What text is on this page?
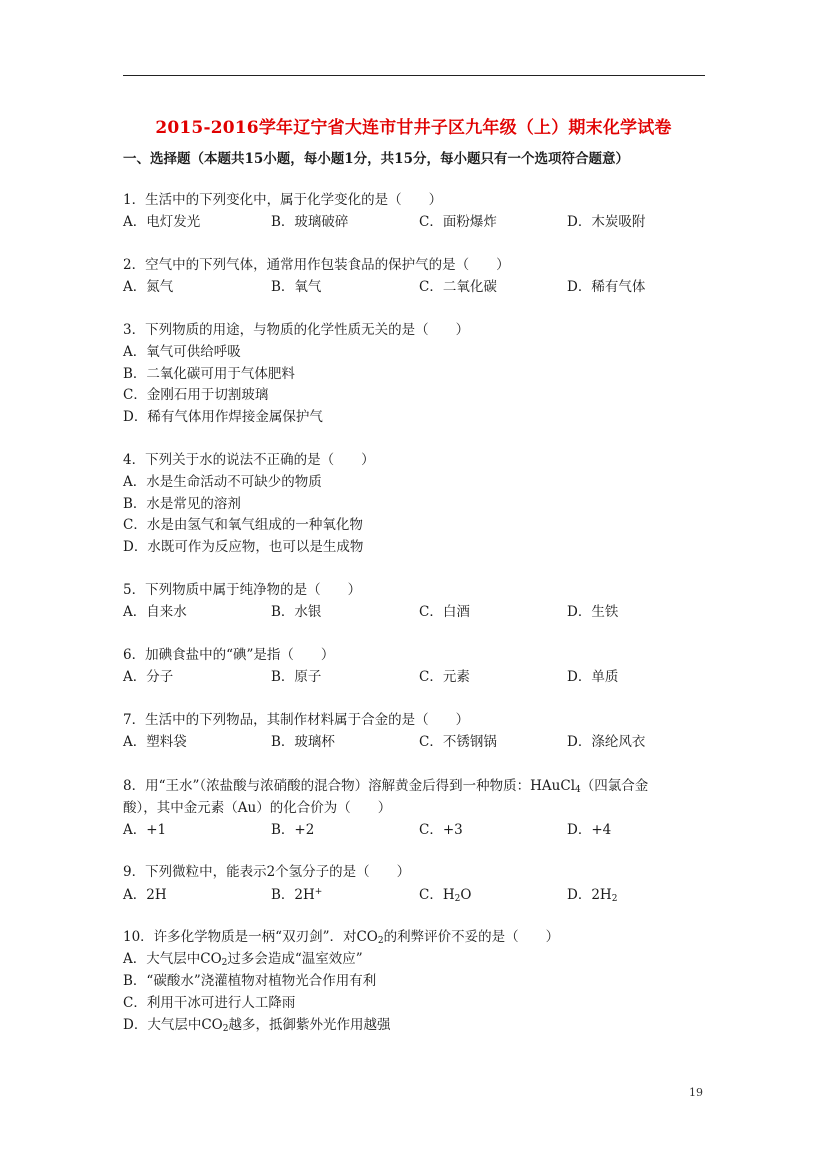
2015-2016学年辽宁省大连市甘井子区九年级（上）期末化学试卷
一、选择题（本题共15小题，每小题1分，共15分，每小题只有一个选项符合题意）
1．生活中的下列变化中，属于化学变化的是（　　）
A．电灯发光	B．玻璃破碎	C．面粉爆炸	D．木炭吸附
2．空气中的下列气体，通常用作包装食品的保护气的是（　　）
A．氮气	B．氧气	C．二氧化碳	D．稀有气体
3．下列物质的用途，与物质的化学性质无关的是（　　）
A．氧气可供给呼吸
B．二氧化碳可用于气体肥料
C．金刚石用于切割玻璃
D．稀有气体用作焊接金属保护气
4．下列关于水的说法不正确的是（　　）
A．水是生命活动不可缺少的物质
B．水是常见的溶剂
C．水是由氢气和氧气组成的一种氧化物
D．水既可作为反应物，也可以是生成物
5．下列物质中属于纯净物的是（　　）
A．自来水	B．水银	C．白酒	D．生铁
6．加碘食盐中的“碘”是指（　　）
A．分子	B．原子	C．元素	D．单质
7．生活中的下列物品，其制作材料属于合金的是（　　）
A．塑料袋	B．玻璃杯	C．不锈钢锅	D．涤纶风衣
8．用“王水”（浓盐酸与浓硝酸的混合物）溶解黄金后得到一种物质：HAuCl$_4$（四氯合金
酸），其中金元素（Au）的化合价为（　　）
A．+1	B．+2	C．+3	D．+4
9．下列微粒中，能表示2个氢分子的是（　　）
A．2H	B．2H+	C．$H_2O$	D．$2H_2$
10．许多化学物质是一柄“双刃剑”．对$CO_2$的利弊评价不妥的是（　　）
A．大气层中$CO_2$过多会造成“温室效应”
B．“碳酸水”浇灌植物对植物光合作用有利
C．利用干冰可进行人工降雨
D．大气层中$CO_2$越多，抵御紫外光作用越强
19
